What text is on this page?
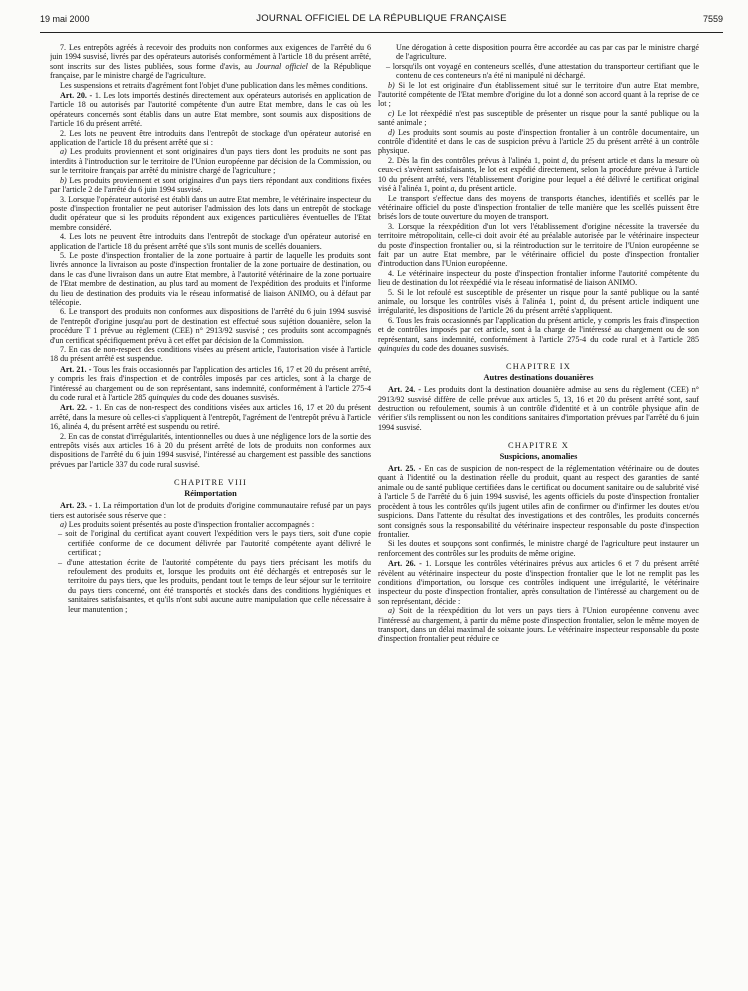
19 mai 2000	JOURNAL OFFICIEL DE LA RÉPUBLIQUE FRANÇAISE	7559

7. Les entrepôts agréés à recevoir des produits non conformes aux exigences de l'arrêté du 6 juin 1994 susvisé, livrés par des opérateurs autorisés conformément à l'article 18 du présent arrêté, sont inscrits sur des listes publiées, sous forme d'avis, au Journal officiel de la République française, par le ministre chargé de l'agriculture.

Les suspensions et retraits d'agrément font l'objet d'une publication dans les mêmes conditions.

Art. 20. - 1. Les lots importés destinés directement aux opérateurs autorisés en application de l'article 18 ou autorisés par l'autorité compétente d'un autre Etat membre, dans le cas où les opérateurs concernés sont établis dans un autre Etat membre, sont soumis aux dispositions de l'article 16 du présent arrêté.

2. Les lots ne peuvent être introduits dans l'entrepôt de stockage d'un opérateur autorisé en application de l'article 18 du présent arrêté que si :

a) Les produits proviennent et sont originaires d'un pays tiers dont les produits ne sont pas interdits à l'introduction sur le territoire de l'Union européenne par décision de la Commission, ou sur le territoire français par arrêté du ministre chargé de l'agriculture ;

b) Les produits proviennent et sont originaires d'un pays tiers répondant aux conditions fixées par l'article 2 de l'arrêté du 6 juin 1994 susvisé.

3. Lorsque l'opérateur autorisé est établi dans un autre Etat membre, le vétérinaire inspecteur du poste d'inspection frontalier ne peut autoriser l'admission des lots dans un entrepôt de stockage dudit opérateur que si les produits répondent aux exigences particulières éventuelles de l'Etat membre considéré.

4. Les lots ne peuvent être introduits dans l'entrepôt de stockage d'un opérateur autorisé en application de l'article 18 du présent arrêté que s'ils sont munis de scellés douaniers.

5. Le poste d'inspection frontalier de la zone portuaire à partir de laquelle les produits sont livrés annonce la livraison au poste d'inspection frontalier de la zone portuaire de destination, ou dans le cas d'une livraison dans un autre Etat membre, à l'autorité vétérinaire de la zone portuaire de l'Etat membre de destination, au plus tard au moment de l'expédition des produits et l'informe du lieu de destination des produits via le réseau informatisé de liaison ANIMO, ou à défaut par télécopie.

6. Le transport des produits non conformes aux dispositions de l'arrêté du 6 juin 1994 susvisé de l'entrepôt d'origine jusqu'au port de destination est effectué sous sujétion douanière, selon la procédure T 1 prévue au règlement (CEE) n° 2913/92 susvisé ; ces produits sont accompagnés d'un certificat spécifiquement prévu à cet effet par décision de la Commission.

7. En cas de non-respect des conditions visées au présent article, l'autorisation visée à l'article 18 du présent arrêté est suspendue.

Art. 21. - Tous les frais occasionnés par l'application des articles 16, 17 et 20 du présent arrêté, y compris les frais d'inspection et de contrôles imposés par ces articles, sont à la charge de l'intéressé au chargement ou de son représentant, sans indemnité, conformément à l'article 275-4 du code rural et à l'article 285 quinquies du code des douanes susvisés.

Art. 22. - 1. En cas de non-respect des conditions visées aux articles 16, 17 et 20 du présent arrêté, dans la mesure où celles-ci s'appliquent à l'entrepôt, l'agrément de l'entrepôt prévu à l'article 16, alinéa 4, du présent arrêté est suspendu ou retiré.

2. En cas de constat d'irrégularités, intentionnelles ou dues à une négligence lors de la sortie des entrepôts visés aux articles 16 à 20 du présent arrêté de lots de produits non conformes aux dispositions de l'arrêté du 6 juin 1994 susvisé, l'intéressé au chargement est passible des sanctions prévues par l'article 337 du code rural susvisé.

CHAPITRE VIII
Réimportation

Art. 23. - 1. La réimportation d'un lot de produits d'origine communautaire refusé par un pays tiers est autorisée sous réserve que :

a) Les produits soient présentés au poste d'inspection frontalier accompagnés :

– soit de l'original du certificat ayant couvert l'expédition vers le pays tiers, soit d'une copie certifiée conforme de ce document délivrée par l'autorité compétente ayant délivré le certificat ;

– d'une attestation écrite de l'autorité compétente du pays tiers précisant les motifs du refoulement des produits et, lorsque les produits ont été déchargés et entreposés sur le territoire du pays tiers, que les produits, pendant tout le temps de leur séjour sur le territoire du pays tiers concerné, ont été transportés et stockés dans des conditions hygiéniques et sanitaires satisfaisantes, et qu'ils n'ont subi aucune autre manipulation que celle nécessaire à leur manutention ;

Une dérogation à cette disposition pourra être accordée au cas par cas par le ministre chargé de l'agriculture.

– lorsqu'ils ont voyagé en conteneurs scellés, d'une attestation du transporteur certifiant que le contenu de ces conteneurs n'a été ni manipulé ni déchargé.

b) Si le lot est originaire d'un établissement situé sur le territoire d'un autre Etat membre, l'autorité compétente de l'Etat membre d'origine du lot a donné son accord quant à la reprise de ce lot ;

c) Le lot réexpédié n'est pas susceptible de présenter un risque pour la santé publique ou la santé animale ;

d) Les produits sont soumis au poste d'inspection frontalier à un contrôle documentaire, un contrôle d'identité et dans le cas de suspicion prévu à l'article 25 du présent arrêté à un contrôle physique.

2. Dès la fin des contrôles prévus à l'alinéa 1, point d, du présent article et dans la mesure où ceux-ci s'avèrent satisfaisants, le lot est expédié directement, selon la procédure prévue à l'article 10 du présent arrêté, vers l'établissement d'origine pour lequel a été délivré le certificat original visé à l'alinéa 1, point a, du présent article.

Le transport s'effectue dans des moyens de transports étanches, identifiés et scellés par le vétérinaire officiel du poste d'inspection frontalier de telle manière que les scellés puissent être brisés lors de toute ouverture du moyen de transport.

3. Lorsque la réexpédition d'un lot vers l'établissement d'origine nécessite la traversée du territoire métropolitain, celle-ci doit avoir été au préalable autorisée par le vétérinaire inspecteur du poste d'inspection frontalier ou, si la réintroduction sur le territoire de l'Union européenne se fait par un autre Etat membre, par le vétérinaire officiel du poste d'inspection frontalier d'introduction dans l'Union européenne.

4. Le vétérinaire inspecteur du poste d'inspection frontalier informe l'autorité compétente du lieu de destination du lot réexpédié via le réseau informatisé de liaison ANIMO.

5. Si le lot refoulé est susceptible de présenter un risque pour la santé publique ou la santé animale, ou lorsque les contrôles visés à l'alinéa 1, point d, du présent article indiquent une irrégularité, les dispositions de l'article 26 du présent arrêté s'appliquent.

6. Tous les frais occasionnés par l'application du présent article, y compris les frais d'inspection et de contrôles imposés par cet article, sont à la charge de l'intéressé au chargement ou de son représentant, sans indemnité, conformément à l'article 275-4 du code rural et à l'article 285 quinquies du code des douanes susvisés.

CHAPITRE IX
Autres destinations douanières

Art. 24. - Les produits dont la destination douanière admise au sens du règlement (CEE) n° 2913/92 susvisé diffère de celle prévue aux articles 5, 13, 16 et 20 du présent arrêté sont, sauf destruction ou refoulement, soumis à un contrôle d'identité et à un contrôle physique afin de vérifier s'ils remplissent ou non les conditions sanitaires d'importation prévues par l'arrêté du 6 juin 1994 susvisé.

CHAPITRE X
Suspicions, anomalies

Art. 25. - En cas de suspicion de non-respect de la réglementation vétérinaire ou de doutes quant à l'identité ou la destination réelle du produit, quant au respect des garanties de santé animale ou de santé publique certifiées dans le certificat ou document sanitaire ou de salubrité visé à l'article 5 de l'arrêté du 6 juin 1994 susvisé, les agents officiels du poste d'inspection frontalier procèdent à tous les contrôles qu'ils jugent utiles afin de confirmer ou d'infirmer les doutes et/ou suspicions. Dans l'attente du résultat des investigations et des contrôles, les produits concernés sont consignés sous la responsabilité du vétérinaire inspecteur responsable du poste d'inspection frontalier.

Si les doutes et soupçons sont confirmés, le ministre chargé de l'agriculture peut instaurer un renforcement des contrôles sur les produits de même origine.

Art. 26. - 1. Lorsque les contrôles vétérinaires prévus aux articles 6 et 7 du présent arrêté révèlent au vétérinaire inspecteur du poste d'inspection frontalier que le lot ne remplit pas les conditions d'importation, ou lorsque ces contrôles indiquent une irrégularité, le vétérinaire inspecteur du poste d'inspection frontalier, après consultation de l'intéressé au chargement ou de son représentant, décide :

a) Soit de la réexpédition du lot vers un pays tiers à l'Union européenne convenu avec l'intéressé au chargement, à partir du même poste d'inspection frontalier, selon le même moyen de transport, dans un délai maximal de soixante jours. Le vétérinaire inspecteur responsable du poste d'inspection frontalier peut réduire ce
